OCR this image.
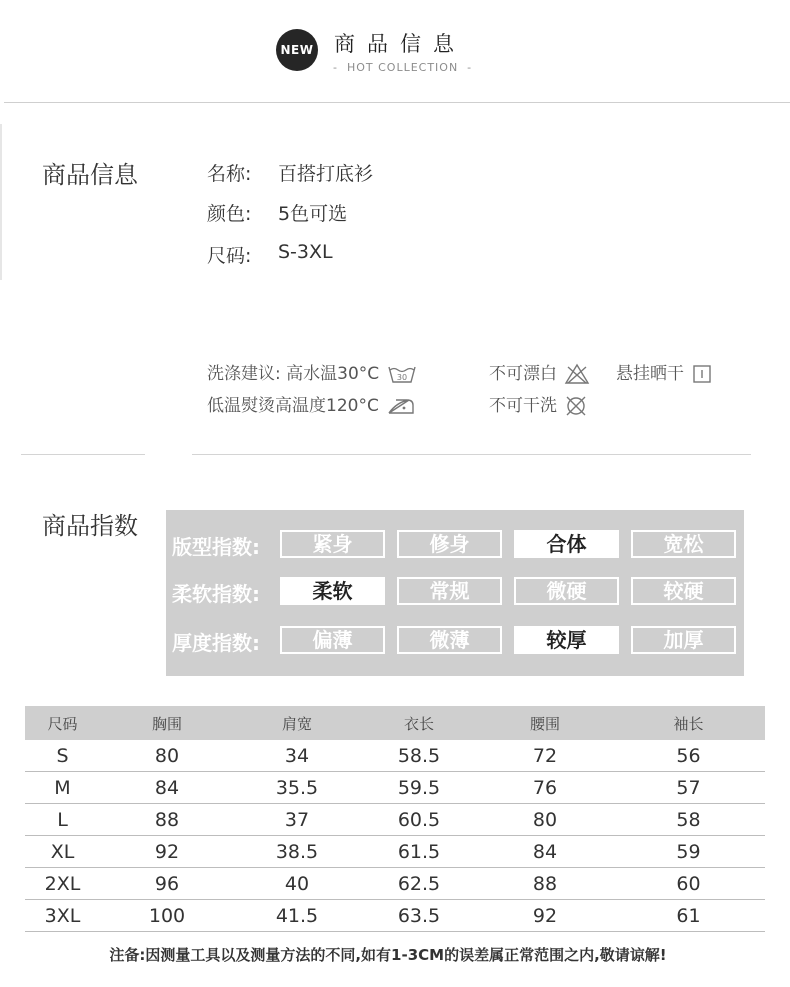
NEW 商品信息
-  HOT COLLECTION  -
商品信息	名称: 百搭打底衫
颜色: 5色可选
尺码: S-3XL
洗涤建议: 高水温30°C 30
低温熨烫高温度120°C
不可漂白
不可干洗
悬挂晒干
商品指数
版型指数:	紧身	修身	合体	宽松
柔软指数:	柔软	常规	微硬	较硬
厚度指数:	偏薄	微薄	较厚	加厚
尺码	胸围	肩宽	衣长	腰围	袖长
S	80	34	58.5	72	56
M	84	35.5	59.5	76	57
L	88	37	60.5	80	58
XL	92	38.5	61.5	84	59
2XL	96	40	62.5	88	60
3XL	100	41.5	63.5	92	61
注备:因测量工具以及测量方法的不同,如有1-3CM的误差属正常范围之内,敬请谅解!
